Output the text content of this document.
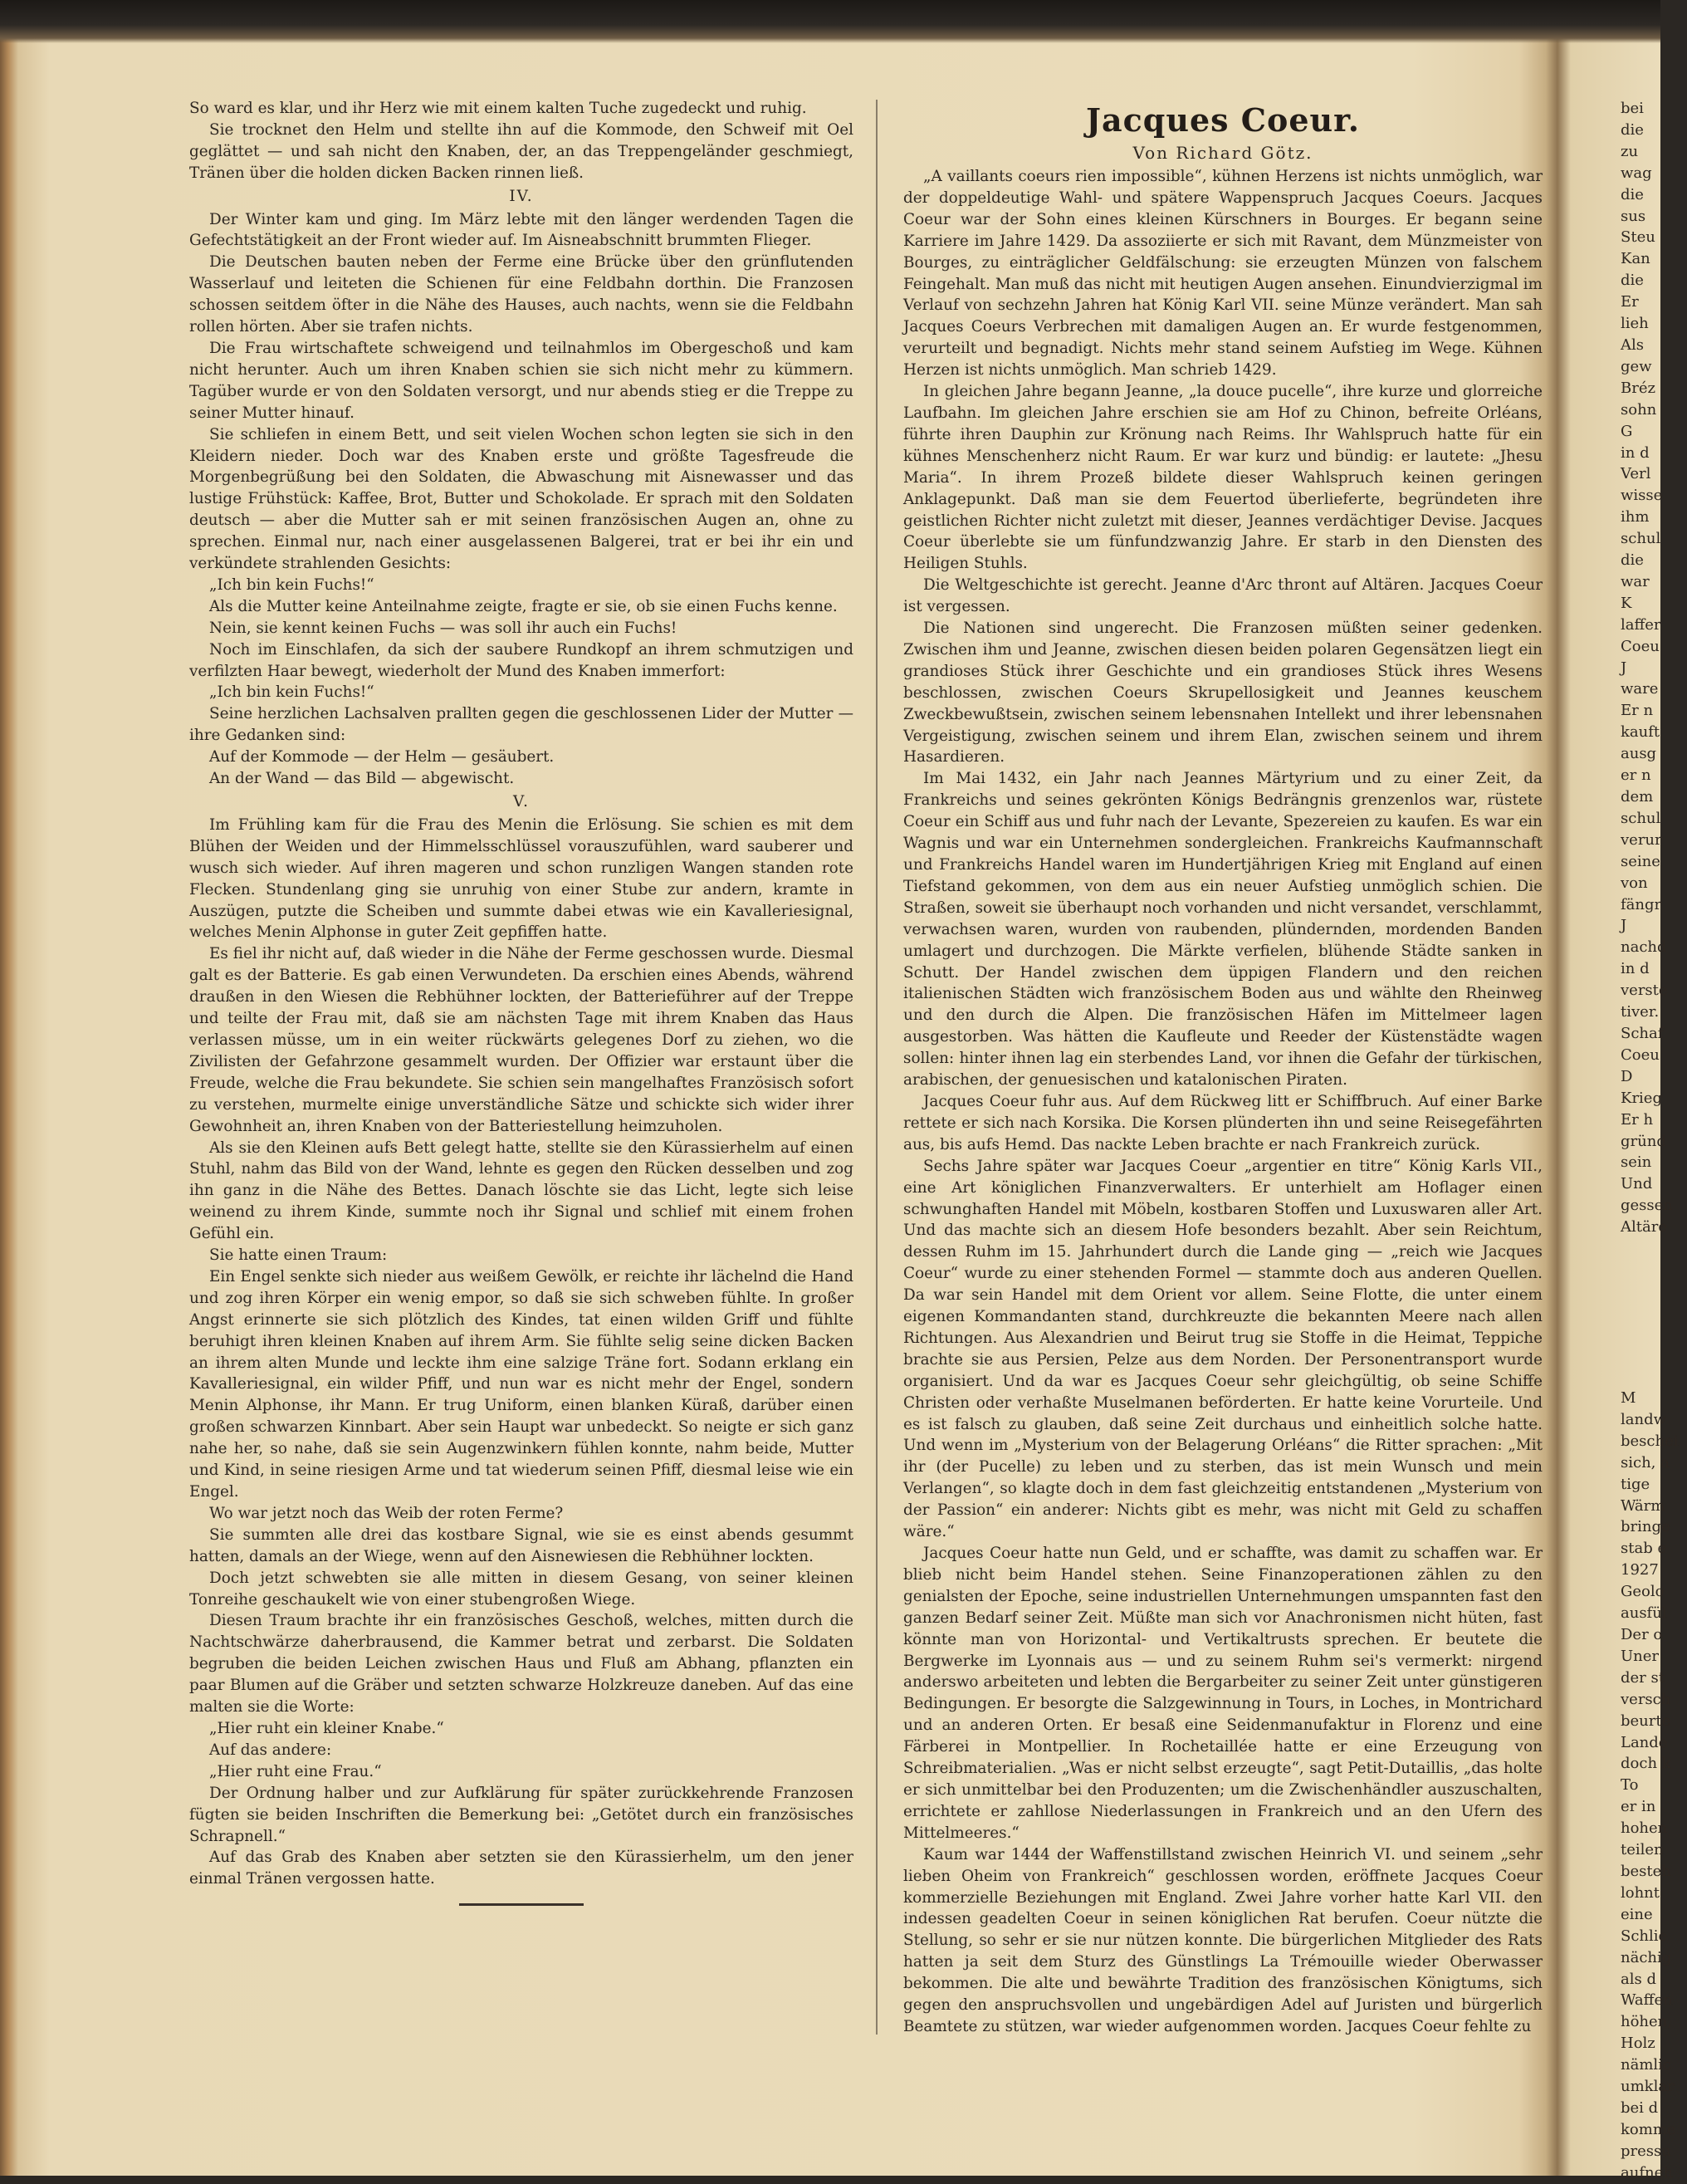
So ward es klar, und ihr Herz wie mit einem kalten Tuche zugedeckt und ruhig.

Sie trocknet den Helm und stellte ihn auf die Kommode, den Schweif mit Oel geglättet — und sah nicht den Knaben, der, an das Treppengeländer geschmiegt, Tränen über die holden dicken Backen rinnen ließ.

IV.

Der Winter kam und ging. Im März lebte mit den länger werdenden Tagen die Gefechtstätigkeit an der Front wieder auf. Im Aisneabschnitt brummten Flieger.

Die Deutschen bauten neben der Ferme eine Brücke über den grünflutenden Wasserlauf und leiteten die Schienen für eine Feldbahn dorthin. Die Franzosen schossen seitdem öfter in die Nähe des Hauses, auch nachts, wenn sie die Feldbahn rollen hörten. Aber sie trafen nichts.

Die Frau wirtschaftete schweigend und teilnahmlos im Obergeschoß und kam nicht herunter. Auch um ihren Knaben schien sie sich nicht mehr zu kümmern. Tagüber wurde er von den Soldaten versorgt, und nur abends stieg er die Treppe zu seiner Mutter hinauf.

Sie schliefen in einem Bett, und seit vielen Wochen schon legten sie sich in den Kleidern nieder. Doch war des Knaben erste und größte Tagesfreude die Morgenbegrüßung bei den Soldaten, die Abwaschung mit Aisnewasser und das lustige Frühstück: Kaffee, Brot, Butter und Schokolade. Er sprach mit den Soldaten deutsch — aber die Mutter sah er mit seinen französischen Augen an, ohne zu sprechen. Einmal nur, nach einer ausgelassenen Balgerei, trat er bei ihr ein und verkündete strahlenden Gesichts:

„Ich bin kein Fuchs!“

Als die Mutter keine Anteilnahme zeigte, fragte er sie, ob sie einen Fuchs kenne.

Nein, sie kennt keinen Fuchs — was soll ihr auch ein Fuchs!

Noch im Einschlafen, da sich der saubere Rundkopf an ihrem schmutzigen und verfilzten Haar bewegt, wiederholt der Mund des Knaben immerfort:

„Ich bin kein Fuchs!“

Seine herzlichen Lachsalven prallten gegen die geschlossenen Lider der Mutter — ihre Gedanken sind:

Auf der Kommode — der Helm — gesäubert.

An der Wand — das Bild — abgewischt.

V.

Im Frühling kam für die Frau des Menin die Erlösung. Sie schien es mit dem Blühen der Weiden und der Himmelsschlüssel vorauszufühlen, ward sauberer und wusch sich wieder. Auf ihren mageren und schon runzligen Wangen standen rote Flecken. Stundenlang ging sie unruhig von einer Stube zur andern, kramte in Auszügen, putzte die Scheiben und summte dabei etwas wie ein Kavalleriesignal, welches Menin Alphonse in guter Zeit gepfiffen hatte.

Es fiel ihr nicht auf, daß wieder in die Nähe der Ferme geschossen wurde. Diesmal galt es der Batterie. Es gab einen Verwundeten. Da erschien eines Abends, während draußen in den Wiesen die Rebhühner lockten, der Batterieführer auf der Treppe und teilte der Frau mit, daß sie am nächsten Tage mit ihrem Knaben das Haus verlassen müsse, um in ein weiter rückwärts gelegenes Dorf zu ziehen, wo die Zivilisten der Gefahrzone gesammelt wurden. Der Offizier war erstaunt über die Freude, welche die Frau bekundete. Sie schien sein mangelhaftes Französisch sofort zu verstehen, murmelte einige unverständliche Sätze und schickte sich wider ihrer Gewohnheit an, ihren Knaben von der Batteriestellung heimzuholen.

Als sie den Kleinen aufs Bett gelegt hatte, stellte sie den Kürassierhelm auf einen Stuhl, nahm das Bild von der Wand, lehnte es gegen den Rücken desselben und zog ihn ganz in die Nähe des Bettes. Danach löschte sie das Licht, legte sich leise weinend zu ihrem Kinde, summte noch ihr Signal und schlief mit einem frohen Gefühl ein.

Sie hatte einen Traum:

Ein Engel senkte sich nieder aus weißem Gewölk, er reichte ihr lächelnd die Hand und zog ihren Körper ein wenig empor, so daß sie sich schweben fühlte. In großer Angst erinnerte sie sich plötzlich des Kindes, tat einen wilden Griff und fühlte beruhigt ihren kleinen Knaben auf ihrem Arm. Sie fühlte selig seine dicken Backen an ihrem alten Munde und leckte ihm eine salzige Träne fort. Sodann erklang ein Kavalleriesignal, ein wilder Pfiff, und nun war es nicht mehr der Engel, sondern Menin Alphonse, ihr Mann. Er trug Uniform, einen blanken Küraß, darüber einen großen schwarzen Kinnbart. Aber sein Haupt war unbedeckt. So neigte er sich ganz nahe her, so nahe, daß sie sein Augenzwinkern fühlen konnte, nahm beide, Mutter und Kind, in seine riesigen Arme und tat wiederum seinen Pfiff, diesmal leise wie ein Engel.

Wo war jetzt noch das Weib der roten Ferme?

Sie summten alle drei das kostbare Signal, wie sie es einst abends gesummt hatten, damals an der Wiege, wenn auf den Aisnewiesen die Rebhühner lockten.

Doch jetzt schwebten sie alle mitten in diesem Gesang, von seiner kleinen Tonreihe geschaukelt wie von einer stubengroßen Wiege.

Diesen Traum brachte ihr ein französisches Geschoß, welches, mitten durch die Nachtschwärze daherbrausend, die Kammer betrat und zerbarst. Die Soldaten begruben die beiden Leichen zwischen Haus und Fluß am Abhang, pflanzten ein paar Blumen auf die Gräber und setzten schwarze Holzkreuze daneben. Auf das eine malten sie die Worte:

„Hier ruht ein kleiner Knabe.“

Auf das andere:

„Hier ruht eine Frau.“

Der Ordnung halber und zur Aufklärung für später zurückkehrende Franzosen fügten sie beiden Inschriften die Bemerkung bei: „Getötet durch ein französisches Schrapnell.“

Auf das Grab des Knaben aber setzten sie den Kürassierhelm, um den jener einmal Tränen vergossen hatte.

Jacques Coeur.
Von Richard Götz.

„A vaillants coeurs rien impossible“, kühnen Herzens ist nichts unmöglich, war der doppeldeutige Wahl- und spätere Wappenspruch Jacques Coeurs. Jacques Coeur war der Sohn eines kleinen Kürschners in Bourges. Er begann seine Karriere im Jahre 1429. Da assoziierte er sich mit Ravant, dem Münzmeister von Bourges, zu einträglicher Geldfälschung: sie erzeugten Münzen von falschem Feingehalt. Man muß das nicht mit heutigen Augen ansehen. Einundvierzigmal im Verlauf von sechzehn Jahren hat König Karl VII. seine Münze verändert. Man sah Jacques Coeurs Verbrechen mit damaligen Augen an. Er wurde festgenommen, verurteilt und begnadigt. Nichts mehr stand seinem Aufstieg im Wege. Kühnen Herzen ist nichts unmöglich. Man schrieb 1429.

In gleichen Jahre begann Jeanne, „la douce pucelle“, ihre kurze und glorreiche Laufbahn. Im gleichen Jahre erschien sie am Hof zu Chinon, befreite Orléans, führte ihren Dauphin zur Krönung nach Reims. Ihr Wahlspruch hatte für ein kühnes Menschenherz nicht Raum. Er war kurz und bündig: er lautete: „Jhesu Maria“. In ihrem Prozeß bildete dieser Wahlspruch keinen geringen Anklagepunkt. Daß man sie dem Feuertod überlieferte, begründeten ihre geistlichen Richter nicht zuletzt mit dieser, Jeannes verdächtiger Devise. Jacques Coeur überlebte sie um fünfundzwanzig Jahre. Er starb in den Diensten des Heiligen Stuhls.

Die Weltgeschichte ist gerecht. Jeanne d'Arc thront auf Altären. Jacques Coeur ist vergessen.

Die Nationen sind ungerecht. Die Franzosen müßten seiner gedenken. Zwischen ihm und Jeanne, zwischen diesen beiden polaren Gegensätzen liegt ein grandioses Stück ihrer Geschichte und ein grandioses Stück ihres Wesens beschlossen, zwischen Coeurs Skrupellosigkeit und Jeannes keuschem Zweckbewußtsein, zwischen seinem lebensnahen Intellekt und ihrer lebensnahen Vergeistigung, zwischen seinem und ihrem Elan, zwischen seinem und ihrem Hasardieren.

Im Mai 1432, ein Jahr nach Jeannes Märtyrium und zu einer Zeit, da Frankreichs und seines gekrönten Königs Bedrängnis grenzenlos war, rüstete Coeur ein Schiff aus und fuhr nach der Levante, Spezereien zu kaufen. Es war ein Wagnis und war ein Unternehmen sondergleichen. Frankreichs Kaufmannschaft und Frankreichs Handel waren im Hundertjährigen Krieg mit England auf einen Tiefstand gekommen, von dem aus ein neuer Aufstieg unmöglich schien. Die Straßen, soweit sie überhaupt noch vorhanden und nicht versandet, verschlammt, verwachsen waren, wurden von raubenden, plündernden, mordenden Banden umlagert und durchzogen. Die Märkte verfielen, blühende Städte sanken in Schutt. Der Handel zwischen dem üppigen Flandern und den reichen italienischen Städten wich französischem Boden aus und wählte den Rheinweg und den durch die Alpen. Die französischen Häfen im Mittelmeer lagen ausgestorben. Was hätten die Kaufleute und Reeder der Küstenstädte wagen sollen: hinter ihnen lag ein sterbendes Land, vor ihnen die Gefahr der türkischen, arabischen, der genuesischen und katalonischen Piraten.

Jacques Coeur fuhr aus. Auf dem Rückweg litt er Schiffbruch. Auf einer Barke rettete er sich nach Korsika. Die Korsen plünderten ihn und seine Reisegefährten aus, bis aufs Hemd. Das nackte Leben brachte er nach Frankreich zurück.

Sechs Jahre später war Jacques Coeur „argentier en titre“ König Karls VII., eine Art königlichen Finanzverwalters. Er unterhielt am Hoflager einen schwunghaften Handel mit Möbeln, kostbaren Stoffen und Luxuswaren aller Art. Und das machte sich an diesem Hofe besonders bezahlt. Aber sein Reichtum, dessen Ruhm im 15. Jahrhundert durch die Lande ging — „reich wie Jacques Coeur“ wurde zu einer stehenden Formel — stammte doch aus anderen Quellen. Da war sein Handel mit dem Orient vor allem. Seine Flotte, die unter einem eigenen Kommandanten stand, durchkreuzte die bekannten Meere nach allen Richtungen. Aus Alexandrien und Beirut trug sie Stoffe in die Heimat, Teppiche brachte sie aus Persien, Pelze aus dem Norden. Der Personentransport wurde organisiert. Und da war es Jacques Coeur sehr gleichgültig, ob seine Schiffe Christen oder verhaßte Muselmanen beförderten. Er hatte keine Vorurteile. Und es ist falsch zu glauben, daß seine Zeit durchaus und einheitlich solche hatte. Und wenn im „Mysterium von der Belagerung Orléans“ die Ritter sprachen: „Mit ihr (der Pucelle) zu leben und zu sterben, das ist mein Wunsch und mein Verlangen“, so klagte doch in dem fast gleichzeitig entstandenen „Mysterium von der Passion“ ein anderer: Nichts gibt es mehr, was nicht mit Geld zu schaffen wäre.“

Jacques Coeur hatte nun Geld, und er schaffte, was damit zu schaffen war. Er blieb nicht beim Handel stehen. Seine Finanzoperationen zählen zu den genialsten der Epoche, seine industriellen Unternehmungen umspannten fast den ganzen Bedarf seiner Zeit. Müßte man sich vor Anachronismen nicht hüten, fast könnte man von Horizontal- und Vertikaltrusts sprechen. Er beutete die Bergwerke im Lyonnais aus — und zu seinem Ruhm sei's vermerkt: nirgend anderswo arbeiteten und lebten die Bergarbeiter zu seiner Zeit unter günstigeren Bedingungen. Er besorgte die Salzgewinnung in Tours, in Loches, in Montrichard und an anderen Orten. Er besaß eine Seidenmanufaktur in Florenz und eine Färberei in Montpellier. In Rochetaillée hatte er eine Erzeugung von Schreibmaterialien. „Was er nicht selbst erzeugte“, sagt Petit-Dutaillis, „das holte er sich unmittelbar bei den Produzenten; um die Zwischenhändler auszuschalten, errichtete er zahllose Niederlassungen in Frankreich und an den Ufern des Mittelmeeres.“

Kaum war 1444 der Waffenstillstand zwischen Heinrich VI. und seinem „sehr lieben Oheim von Frankreich“ geschlossen worden, eröffnete Jacques Coeur kommerzielle Beziehungen mit England. Zwei Jahre vorher hatte Karl VII. den indessen geadelten Coeur in seinen königlichen Rat berufen. Coeur nützte die Stellung, so sehr er sie nur nützen konnte. Die bürgerlichen Mitglieder des Rats hatten ja seit dem Sturz des Günstlings La Trémouille wieder Oberwasser bekommen. Die alte und bewährte Tradition des französischen Königtums, sich gegen den anspruchsvollen und ungebärdigen Adel auf Juristen und bürgerlich Beamtete zu stützen, war wieder aufgenommen worden. Jacques Coeur fehlte zu

bei
die
zu
wag
die
sus
Steu
Kan
die
Er
lieh
Als
gew
Bréz
sohn
G
in d
Verl
wisse
ihm
schul
die
war
K
laffer
Coeu
J
ware
Er n
kauft
ausg
er n
dem
schul
verur
seine
von
fängr
J
nachd
in d
verste
tiver.
Schaf
Coeu
D
Krieg
Er h
gründ
sein
Und
gessen
Altäre
M
landw
beschei
sich, a
tige
Wärm
bringe
stab e
1927
Geolo
ausfül
Der o
Uner
der st
versch
beurte
Lande
doch k
To
er in
hohen
teilen
besteh
lohnt
eine
Schlie
nächig
als d
Waffen
höhen,
Holz
nämlic
umklar
bei d
komme
pressu
aufneh
